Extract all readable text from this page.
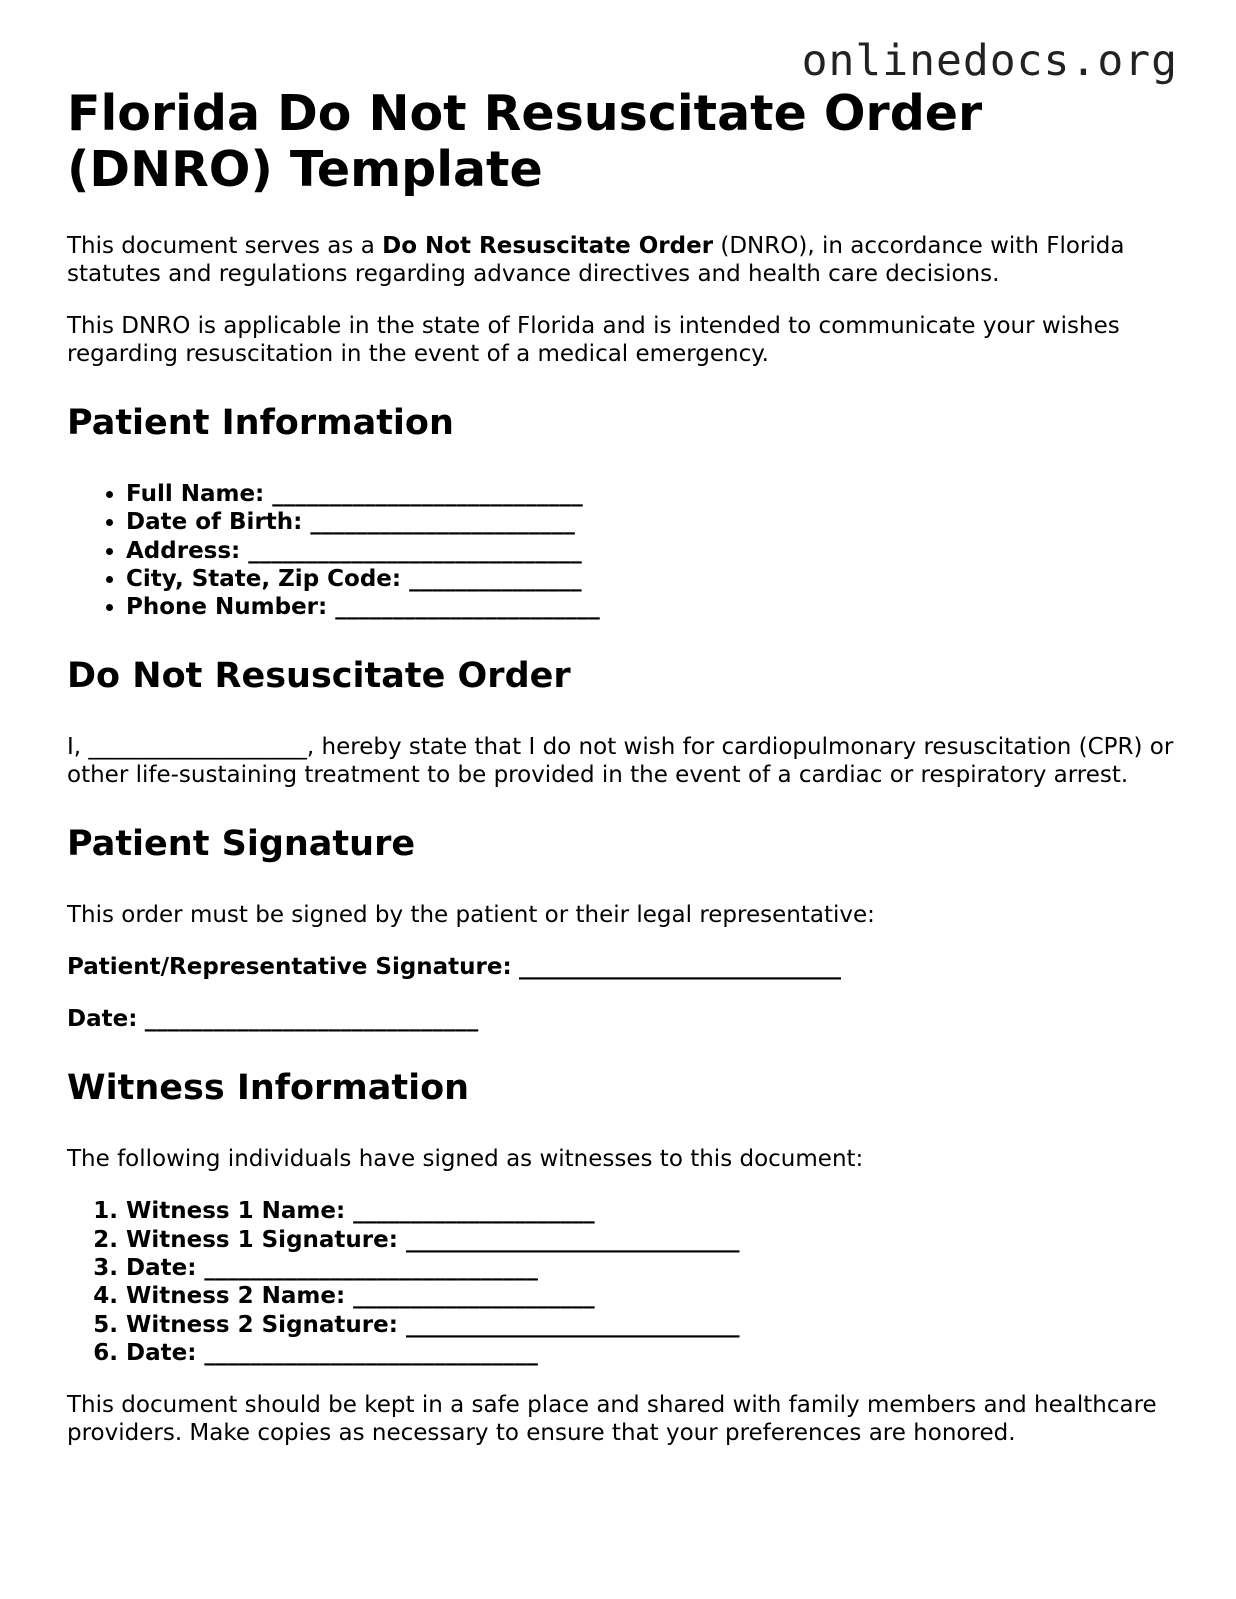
onlinedocs.org
Florida Do Not Resuscitate Order (DNRO) Template

This document serves as a Do Not Resuscitate Order (DNRO), in accordance with Florida statutes and regulations regarding advance directives and health care decisions.

This DNRO is applicable in the state of Florida and is intended to communicate your wishes regarding resuscitation in the event of a medical emergency.

Patient Information
• Full Name: ___________________________
• Date of Birth: _______________________
• Address: _____________________________
• City, State, Zip Code: _______________
• Phone Number: _______________________
Do Not Resuscitate Order

I, ___________________, hereby state that I do not wish for cardiopulmonary resuscitation (CPR) or other life-sustaining treatment to be provided in the event of a cardiac or respiratory arrest.

Patient Signature

This order must be signed by the patient or their legal representative:

Patient/Representative Signature: ____________________________

Date: _____________________________

Witness Information

The following individuals have signed as witnesses to this document:

1. Witness 1 Name: _____________________
2. Witness 1 Signature: _____________________________
3. Date: _____________________________
4. Witness 2 Name: _____________________
5. Witness 2 Signature: _____________________________
6. Date: _____________________________

This document should be kept in a safe place and shared with family members and healthcare providers. Make copies as necessary to ensure that your preferences are honored.
